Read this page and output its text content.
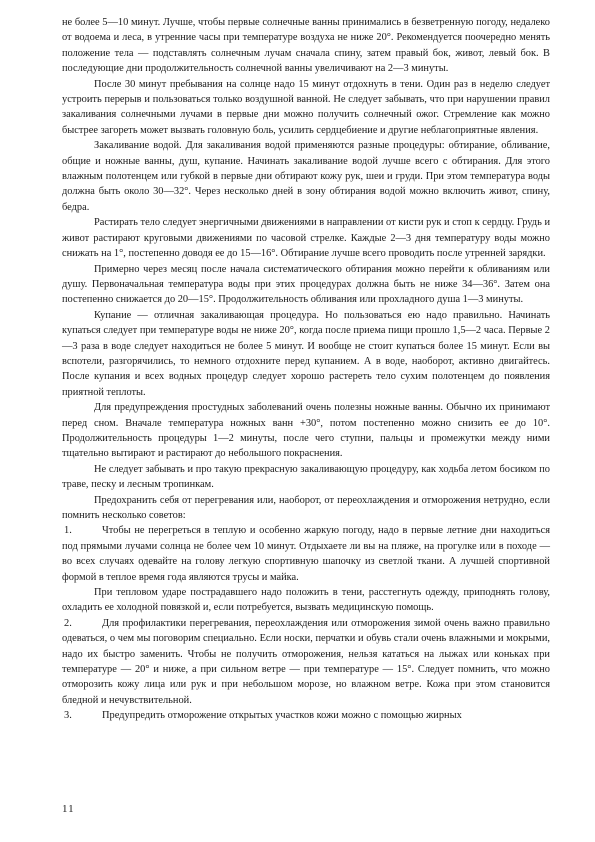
не более 5—10 минут. Лучше, чтобы первые солнечные ванны принимались в безветренную погоду, недалеко от водоема и леса, в утренние часы при температуре воздуха не ниже 20°. Рекомендуется поочередно менять положение тела — подставлять солнечным лучам сначала спину, затем правый бок, живот, левый бок. В последующие дни продолжительность солнечной ванны увеличивают на 2—3 минуты.

После 30 минут пребывания на солнце надо 15 минут отдохнуть в тени. Один раз в неделю следует устроить перерыв и пользоваться только воздушной ванной. Не следует забывать, что при нарушении правил закаливания солнечными лучами в первые дни можно получить солнечный ожог. Стремление как можно быстрее загореть может вызвать головную боль, усилить сердцебиение и другие неблагоприятные явления.

Закаливание водой. Для закаливания водой применяются разные процедуры: обтирание, обливание, общие и ножные ванны, душ, купание. Начинать закаливание водой лучше всего с обтирания. Для этого влажным полотенцем или губкой в первые дни обтирают кожу рук, шеи и груди. При этом температура воды должна быть около 30—32°. Через несколько дней в зону обтирания водой можно включить живот, спину, бедра.

Растирать тело следует энергичными движениями в направлении от кисти рук и стоп к сердцу. Грудь и живот растирают круговыми движениями по часовой стрелке. Каждые 2—3 дня температуру воды можно снижать на 1°, постепенно доводя ее до 15—16°. Обтирание лучше всего проводить после утренней зарядки.

Примерно через месяц после начала систематического обтирания можно перейти к обливаниям или душу. Первоначальная температура воды при этих процедурах должна быть не ниже 34—36°. Затем она постепенно снижается до 20—15°. Продолжительность обливания или прохладного душа 1—3 минуты.

Купание — отличная закаливающая процедура. Но пользоваться ею надо правильно. Начинать купаться следует при температуре воды не ниже 20°, когда после приема пищи прошло 1,5—2 часа. Первые 2—3 раза в воде следует находиться не более 5 минут. И вообще не стоит купаться более 15 минут. Если вы вспотели, разгорячились, то немного отдохните перед купанием. А в воде, наоборот, активно двигайтесь. После купания и всех водных процедур следует хорошо растереть тело сухим полотенцем до появления приятной теплоты.

Для предупреждения простудных заболеваний очень полезны ножные ванны. Обычно их принимают перед сном. Вначале температура ножных ванн +30°, потом постепенно можно снизить ее до 10°. Продолжительность процедуры 1—2 минуты, после чего ступни, пальцы и промежутки между ними тщательно вытирают и растирают до небольшого покраснения.

Не следует забывать и про такую прекрасную закаливающую процедуру, как ходьба летом босиком по траве, песку и лесным тропинкам.

Предохранить себя от перегревания или, наоборот, от переохлаждения и отморожения нетрудно, если помнить несколько советов:

1.	Чтобы не перегреться в теплую и особенно жаркую погоду, надо в первые летние дни находиться под прямыми лучами солнца не более чем 10 минут. Отдыхаете ли вы на пляже, на прогулке или в походе — во всех случаях одевайте на голову легкую спортивную шапочку из светлой ткани. А лучшей спортивной формой в теплое время года являются трусы и майка.

При тепловом ударе пострадавшего надо положить в тени, расстегнуть одежду, приподнять голову, охладить ее холодной повязкой и, если потребуется, вызвать медицинскую помощь.

2.	Для профилактики перегревания, переохлаждения или отморожения зимой очень важно правильно одеваться, о чем мы поговорим специально. Если носки, перчатки и обувь стали очень влажными и мокрыми, надо их быстро заменить. Чтобы не получить отморожения, нельзя кататься на лыжах или коньках при температуре — 20° и ниже, а при сильном ветре — при температуре — 15°. Следует помнить, что можно отморозить кожу лица или рук и при небольшом морозе, но влажном ветре. Кожа при этом становится бледной и нечувствительной.

3.	Предупредить отморожение открытых участков кожи можно с помощью жирных

11
